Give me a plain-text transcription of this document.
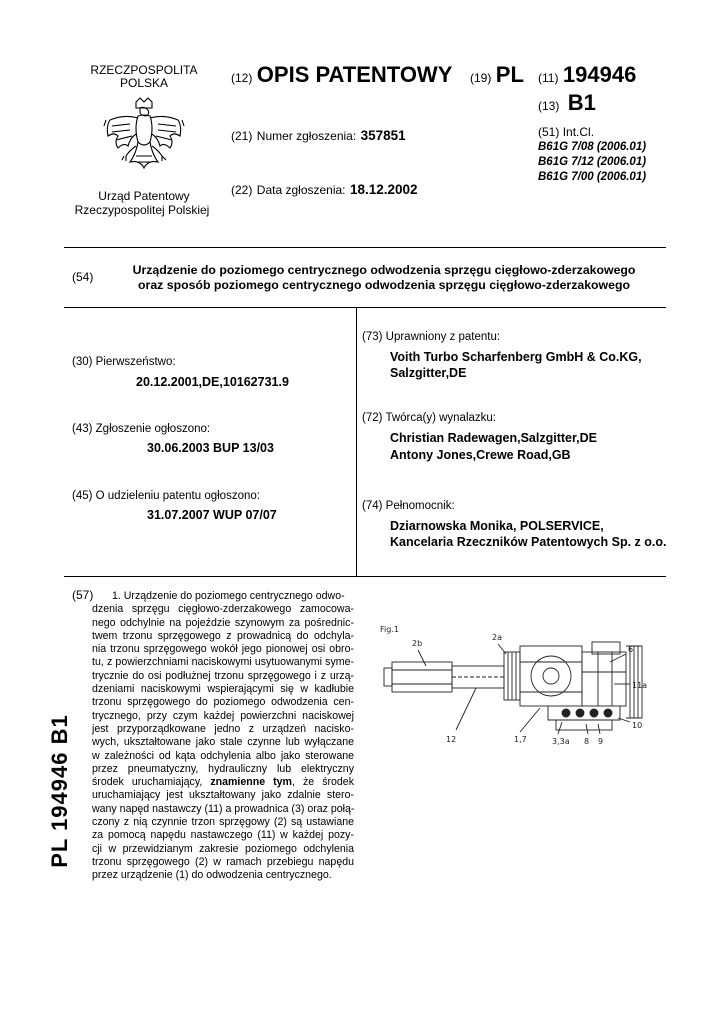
RZECZPOSPOLITA
POLSKA
Urząd Patentowy
Rzeczypospolitej Polskiej
(12) OPIS PATENTOWY (19) PL
(21) Numer zgłoszenia: 357851
(22) Data zgłoszenia: 18.12.2002
(11) 194946
(13) B1
(51) Int.Cl.
B61G 7/08 (2006.01)
B61G 7/12 (2006.01)
B61G 7/00 (2006.01)
(54)	Urządzenie do poziomego centrycznego odwodzenia sprzęgu cięgłowo-zderzakowego
oraz sposób poziomego centrycznego odwodzenia sprzęgu cięgłowo-zderzakowego
(30) Pierwszeństwo:
20.12.2001,DE,10162731.9
(43) Zgłoszenie ogłoszono:
30.06.2003 BUP 13/03
(45) O udzieleniu patentu ogłoszono:
31.07.2007 WUP 07/07
(73) Uprawniony z patentu:
Voith Turbo Scharfenberg GmbH & Co.KG,
Salzgitter,DE
(72) Twórca(y) wynalazku:
Christian Radewagen,Salzgitter,DE
Antony Jones,Crewe Road,GB
(74) Pełnomocnik:
Dziarnowska Monika, POLSERVICE,
Kancelaria Rzeczników Patentowych Sp. z o.o.
(57)	1. Urządzenie do poziomego centrycznego odwo-
dzenia sprzęgu cięgłowo-zderzakowego zamocowa-
nego odchylnie na pojeździe szynowym za pośrednic-
twem trzonu sprzęgowego z prowadnicą do odchyla-
nia trzonu sprzęgowego wokół jego pionowej osi obro-
tu, z powierzchniami naciskowymi usytuowanymi syme-
trycznie do osi podłużnej trzonu sprzęgowego i z urzą-
dzeniami naciskowymi wspierającymi się w kadłubie
trzonu sprzęgowego do poziomego odwodzenia cen-
trycznego, przy czym każdej powierzchni naciskowej
jest przyporządkowane jedno z urządzeń nacisko-
wych, ukształtowane jako stale czynne lub wyłączane
w zależności od kąta odchylenia albo jako sterowane
przez pneumatyczny, hydrauliczny lub elektryczny
środek uruchamiający, znamienne tym, że środek
uruchamiający jest ukształtowany jako zdalnie stero-
wany napęd nastawczy (11) a prowadnica (3) oraz połą-
czony z nią czynnie trzon sprzęgowy (2) są ustawiane
za pomocą napędu nastawczego (11) w każdej pozy-
cji w przewidzianym zakresie poziomego odchylenia
trzonu sprzęgowego (2) w ramach przebiegu napędu
przez urządzenie (1) do odwodzenia centrycznego.
PL 194946 B1
Fig.1
2b
2a
6
11a
12	1,7	3,3a 8 9
10
